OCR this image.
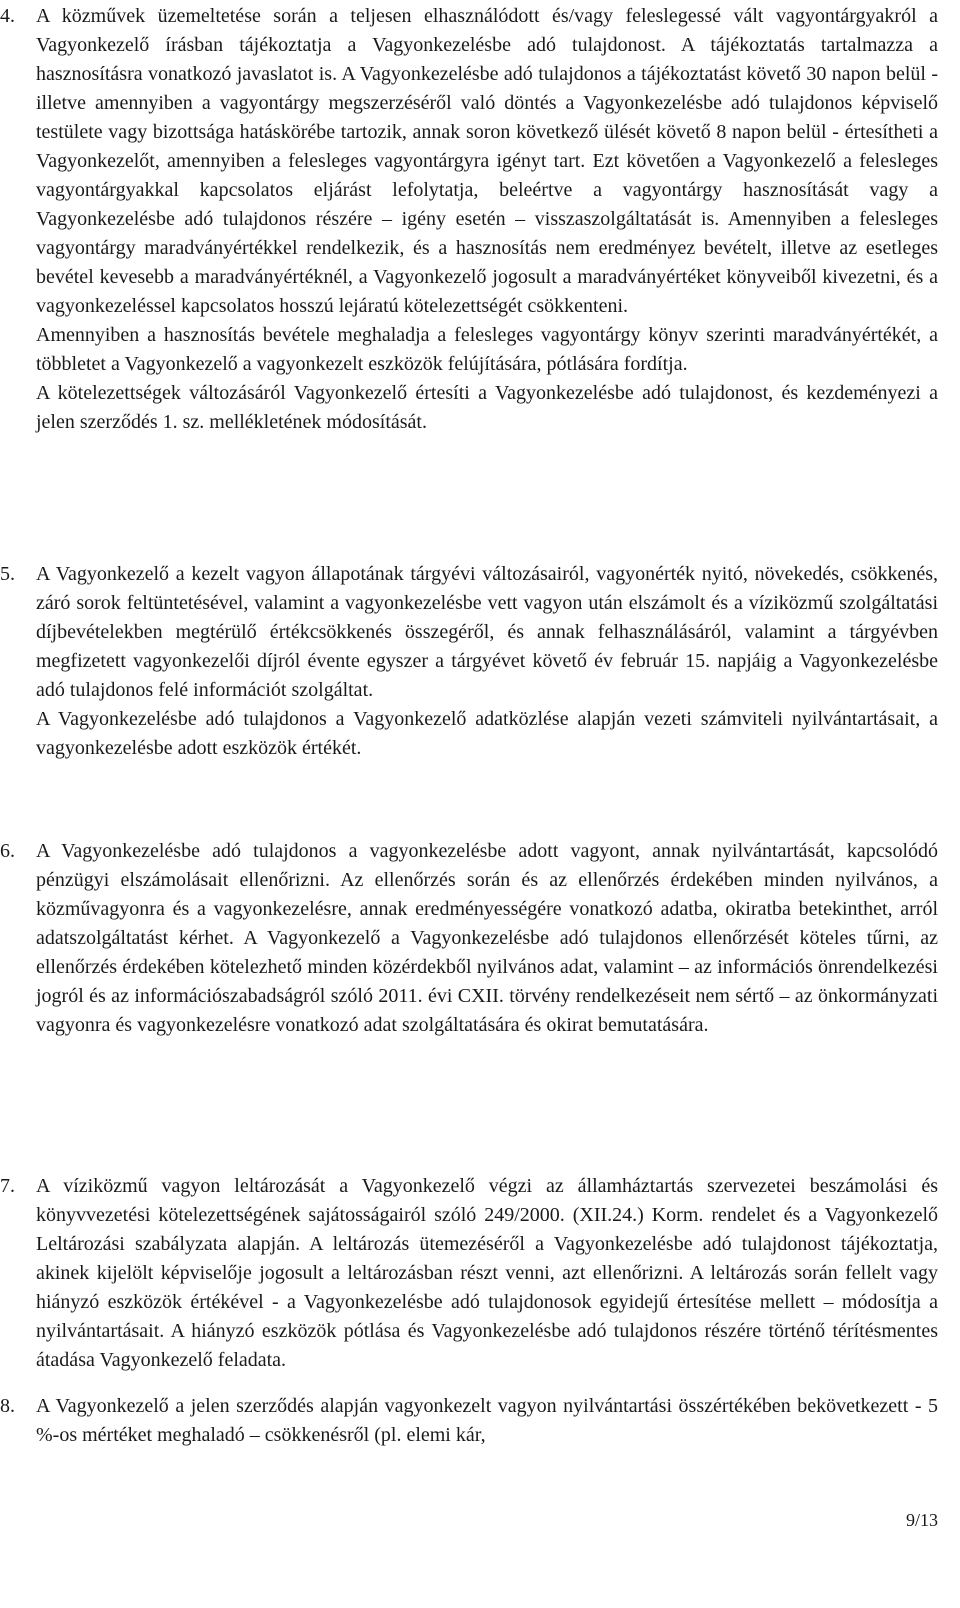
4.	A közművek üzemeltetése során a teljesen elhasználódott és/vagy feleslegessé vált vagyontárgyakról a Vagyonkezelő írásban tájékoztatja a Vagyonkezelésbe adó tulajdonost. A tájékoztatás tartalmazza a hasznosításra vonatkozó javaslatot is. A Vagyonkezelésbe adó tulajdonos a tájékoztatást követő 30 napon belül - illetve amennyiben a vagyontárgy megszerzéséről való döntés a Vagyonkezelésbe adó tulajdonos képviselő testülete vagy bizottsága hatáskörébe tartozik, annak soron következő ülését követő 8 napon belül - értesítheti a Vagyonkezelőt, amennyiben a felesleges vagyontárgyra igényt tart. Ezt követően a Vagyonkezelő a felesleges vagyontárgyakkal kapcsolatos eljárást lefolytatja, beleértve a vagyontárgy hasznosítását vagy a Vagyonkezelésbe adó tulajdonos részére – igény esetén – visszaszolgáltatását is. Amennyiben a felesleges vagyontárgy maradványértékkel rendelkezik, és a hasznosítás nem eredményez bevételt, illetve az esetleges bevétel kevesebb a maradványértéknél, a Vagyonkezelő jogosult a maradványértéket könyveiből kivezetni, és a vagyonkezeléssel kapcsolatos hosszú lejáratú kötelezettségét csökkenteni.

Amennyiben a hasznosítás bevétele meghaladja a felesleges vagyontárgy könyv szerinti maradványértékét, a többletet a Vagyonkezelő a vagyonkezelt eszközök felújítására, pótlására fordítja.

A kötelezettségek változásáról Vagyonkezelő értesíti a Vagyonkezelésbe adó tulajdonost, és kezdeményezi a jelen szerződés 1. sz. mellékletének módosítását.

5.	A Vagyonkezelő a kezelt vagyon állapotának tárgyévi változásairól, vagyonérték nyitó, növekedés, csökkenés, záró sorok feltüntetésével, valamint a vagyonkezelésbe vett vagyon után elszámolt és a víziközmű szolgáltatási díjbevételekben megtérülő értékcsökkenés összegéről, és annak felhasználásáról, valamint a tárgyévben megfizetett vagyonkezelői díjról évente egyszer a tárgyévet követő év február 15. napjáig a Vagyonkezelésbe adó tulajdonos felé információt szolgáltat.

A Vagyonkezelésbe adó tulajdonos a Vagyonkezelő adatközlése alapján vezeti számviteli nyilvántartásait, a vagyonkezelésbe adott eszközök értékét.

6.	A Vagyonkezelésbe adó tulajdonos a vagyonkezelésbe adott vagyont, annak nyilvántartását, kapcsolódó pénzügyi elszámolásait ellenőrizni. Az ellenőrzés során és az ellenőrzés érdekében minden nyilvános, a közművagyonra és a vagyonkezelésre, annak eredményességére vonatkozó adatba, okiratba betekinthet, arról adatszolgáltatást kérhet. A Vagyonkezelő a Vagyonkezelésbe adó tulajdonos ellenőrzését köteles tűrni, az ellenőrzés érdekében kötelezhető minden közérdekből nyilvános adat, valamint – az információs önrendelkezési jogról és az információszabadságról szóló 2011. évi CXII. törvény rendelkezéseit nem sértő – az önkormányzati vagyonra és vagyonkezelésre vonatkozó adat szolgáltatására és okirat bemutatására.

7.	A víziközmű vagyon leltározását a Vagyonkezelő végzi az államháztartás szervezetei beszámolási és könyvvezetési kötelezettségének sajátosságairól szóló 249/2000. (XII.24.) Korm. rendelet és a Vagyonkezelő Leltározási szabályzata alapján. A leltározás ütemezéséről a Vagyonkezelésbe adó tulajdonost tájékoztatja, akinek kijelölt képviselője jogosult a leltározásban részt venni, azt ellenőrizni. A leltározás során fellelt vagy hiányzó eszközök értékével - a Vagyonkezelésbe adó tulajdonosok egyidejű értesítése mellett – módosítja a nyilvántartásait. A hiányzó eszközök pótlása és Vagyonkezelésbe adó tulajdonos részére történő térítésmentes átadása Vagyonkezelő feladata.

8.	A Vagyonkezelő a jelen szerződés alapján vagyonkezelt vagyon nyilvántartási összértékében bekövetkezett - 5 %-os mértéket meghaladó – csökkenésről (pl. elemi kár,

9/13
